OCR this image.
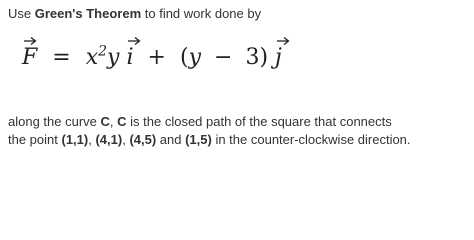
Use Green's Theorem to find work done by
$F = x^2y$ i + (y − 3) j
along the curve C, C is the closed path of the square that connects
the point (1,1), (4,1), (4,5) and (1,5) in the counter-clockwise direction.
